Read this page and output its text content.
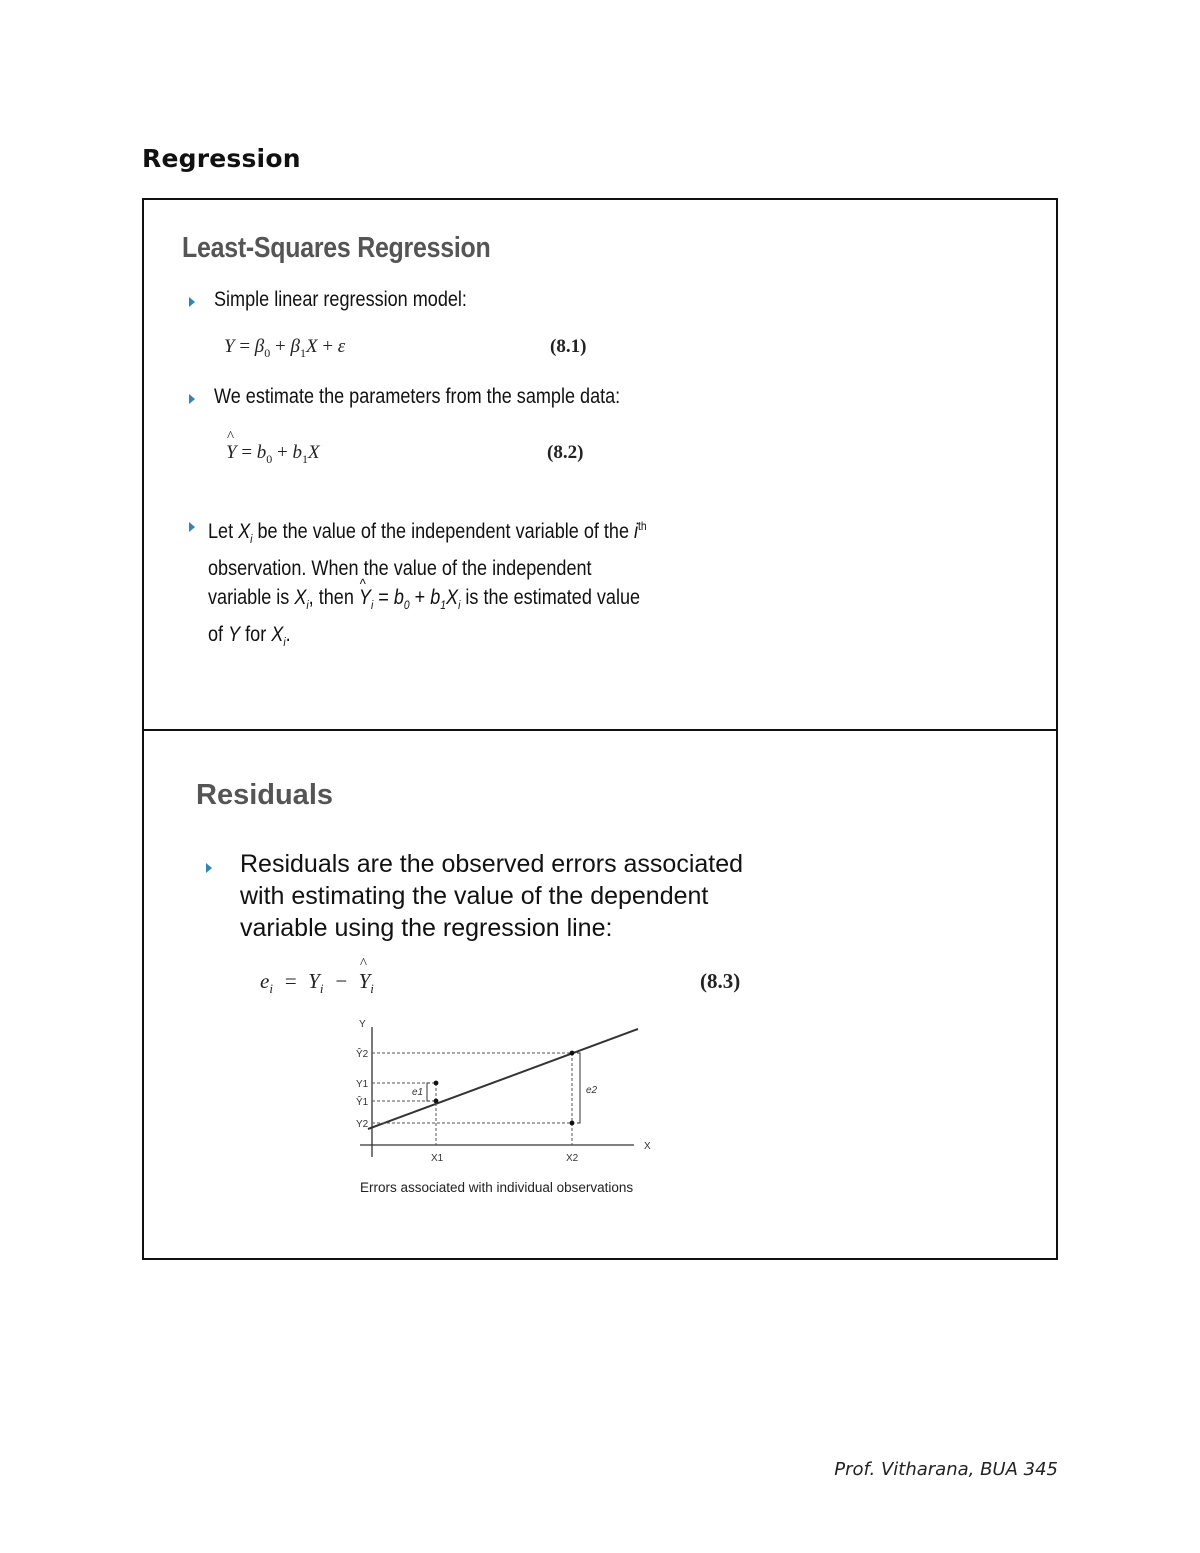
Regression
Least-Squares Regression
Simple linear regression model:
$Y = \beta_0 + \beta_1X + \varepsilon$	(8.1)
We estimate the parameters from the sample data:
^ $Y = b_0 + b_1X$	(8.2)
Let $X_i$ be the value of the independent variable of the $i^{th}$
observation. When the value of the independent
variable is $X_i$, then ^ $Y_i = b_0 + b_1X_i$ is the estimated value
of Y for $X_i$.
Residuals
Residuals are the observed errors associated
with estimating the value of the dependent
variable using the regression line:
$e_i = Y_i$  −  ^ $Y_i$	(8.3)
Y
X
Ŷ2
Y1
Ŷ1
Y2
X1	X2
e1	e2
Errors associated with individual observations
Prof. Vitharana, BUA 345
